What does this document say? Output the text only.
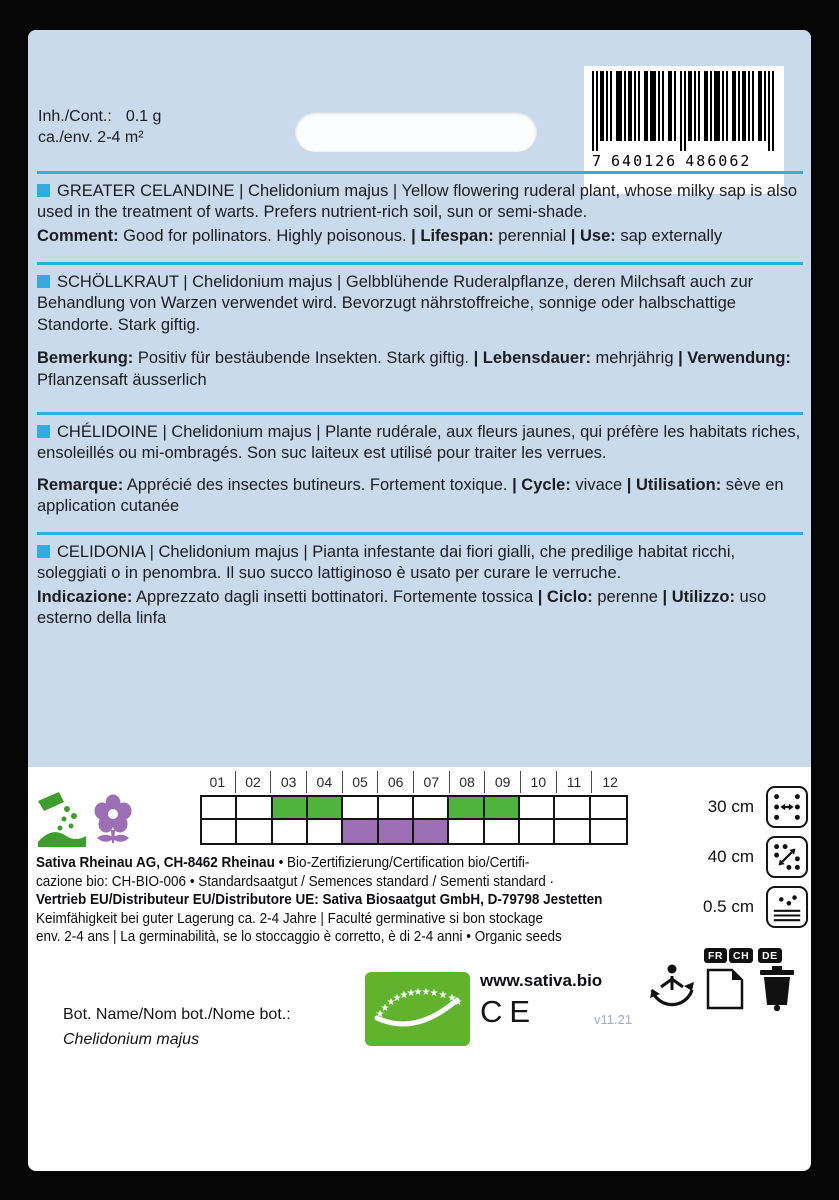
Inh./Cont.: 0.1 g
ca./env. 2-4 m²
7 640126 486062

GREATER CELANDINE | Chelidonium majus | Yellow flowering ruderal plant, whose milky sap is also used in the treatment of warts. Prefers nutrient-rich soil, sun or semi-shade.

Comment: Good for pollinators. Highly poisonous. | Lifespan: perennial | Use: sap externally

SCHÖLLKRAUT | Chelidonium majus | Gelbblühende Ruderalpflanze, deren Milchsaft auch zur Behandlung von Warzen verwendet wird. Bevorzugt nährstoffreiche, sonnige oder halbschattige Standorte. Stark giftig.

Bemerkung: Positiv für bestäubende Insekten. Stark giftig. | Lebensdauer: mehrjährig | Verwendung: Pflanzensaft äusserlich

CHÉLIDOINE | Chelidonium majus | Plante rudérale, aux fleurs jaunes, qui préfère les habitats riches, ensoleillés ou mi-ombragés. Son suc laiteux est utilisé pour traiter les verrues.

Remarque: Apprécié des insectes butineurs. Fortement toxique. | Cycle: vivace | Utilisation: sève en application cutanée

CELIDONIA | Chelidonium majus | Pianta infestante dai fiori gialli, che predilige habitat ricchi, soleggiati o in penombra. Il suo succo lattiginoso è usato per curare le verruche.

Indicazione: Apprezzato dagli insetti bottinatori. Fortemente tossica | Ciclo: perenne | Utilizzo: uso esterno della linfa

01	02	03	04	05	06	07	08	09	10	11	12
30 cm
40 cm
0.5 cm
Sativa Rheinau AG, CH-8462 Rheinau • Bio-Zertifizierung/Certification bio/Certifi-
cazione bio: CH-BIO-006 • Standardsaatgut / Semences standard / Sementi standard ·
Vertrieb EU/Distributeur EU/Distributore UE: Sativa Biosaatgut GmbH, D-79798 Jestetten
Keimfähigkeit bei guter Lagerung ca. 2-4 Jahre | Faculté germinative si bon stockage
env. 2-4 ans | La germinabilità, se lo stoccaggio è corretto, è di 2-4 anni • Organic seeds
Bot. Name/Nom bot./Nome bot.:
Chelidonium majus
★
★
★
★
★
★
★ ★ ★ ★ ★
★
www.sativa.bio
CE	v11.21
FR CH	DE
